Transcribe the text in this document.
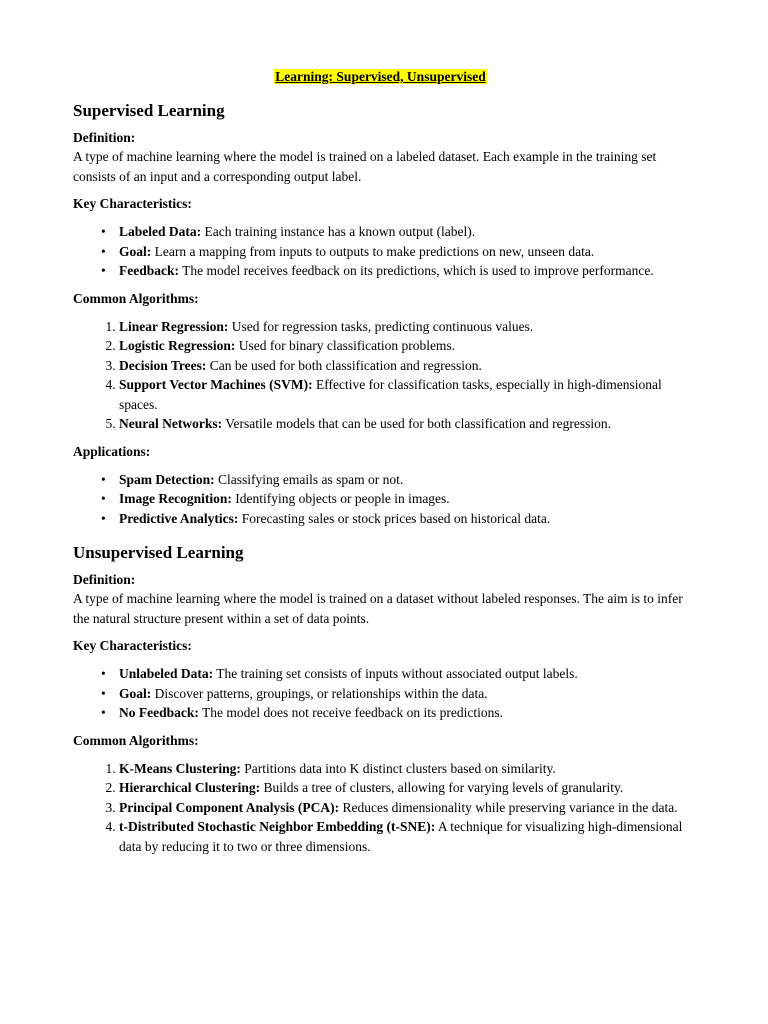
Learning: Supervised, Unsupervised
Supervised Learning
Definition:

A type of machine learning where the model is trained on a labeled dataset. Each example in the training set consists of an input and a corresponding output label.

Key Characteristics:
• Labeled Data: Each training instance has a known output (label).
• Goal: Learn a mapping from inputs to outputs to make predictions on new, unseen data.
• Feedback: The model receives feedback on its predictions, which is used to improve performance.
Common Algorithms:
1. Linear Regression: Used for regression tasks, predicting continuous values.
2. Logistic Regression: Used for binary classification problems.
3. Decision Trees: Can be used for both classification and regression.
4. Support Vector Machines (SVM): Effective for classification tasks, especially in high-dimensional spaces.
5. Neural Networks: Versatile models that can be used for both classification and regression.
Applications:
• Spam Detection: Classifying emails as spam or not.
• Image Recognition: Identifying objects or people in images.
• Predictive Analytics: Forecasting sales or stock prices based on historical data.
Unsupervised Learning
Definition:

A type of machine learning where the model is trained on a dataset without labeled responses. The aim is to infer the natural structure present within a set of data points.

Key Characteristics:
• Unlabeled Data: The training set consists of inputs without associated output labels.
• Goal: Discover patterns, groupings, or relationships within the data.
• No Feedback: The model does not receive feedback on its predictions.
Common Algorithms:
1. K-Means Clustering: Partitions data into K distinct clusters based on similarity.
2. Hierarchical Clustering: Builds a tree of clusters, allowing for varying levels of granularity.
3. Principal Component Analysis (PCA): Reduces dimensionality while preserving variance in the data.
4. t-Distributed Stochastic Neighbor Embedding (t-SNE): A technique for visualizing high-dimensional data by reducing it to two or three dimensions.
